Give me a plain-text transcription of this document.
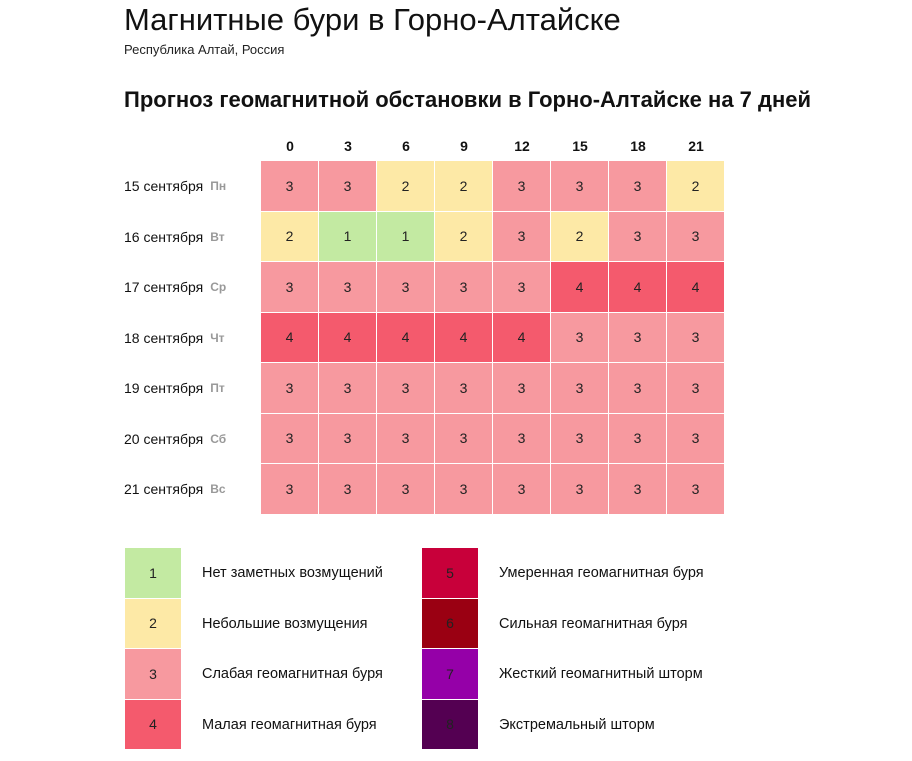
Магнитные бури в Горно-Алтайске
Республика Алтай, Россия
Прогноз геомагнитной обстановки в Горно-Алтайске на 7 дней
0	3	6	9	12	15	18	21
15 сентября Пн	3	3	2	2	3	3	3	2
16 сентября Вт	2	1	1	2	3	2	3	3
17 сентября Ср	3	3	3	3	3	4	4	4
18 сентября Чт	4	4	4	4	4	3	3	3
19 сентября Пт	3	3	3	3	3	3	3	3
20 сентября Сб	3	3	3	3	3	3	3	3
21 сентября Вс	3	3	3	3	3	3	3	3
1	Нет заметных возмущений
2	Небольшие возмущения
3	Слабая геомагнитная буря
4	Малая геомагнитная буря
5	Умеренная геомагнитная буря
6	Сильная геомагнитная буря
7	Жесткий геомагнитный шторм
8	Экстремальный шторм
